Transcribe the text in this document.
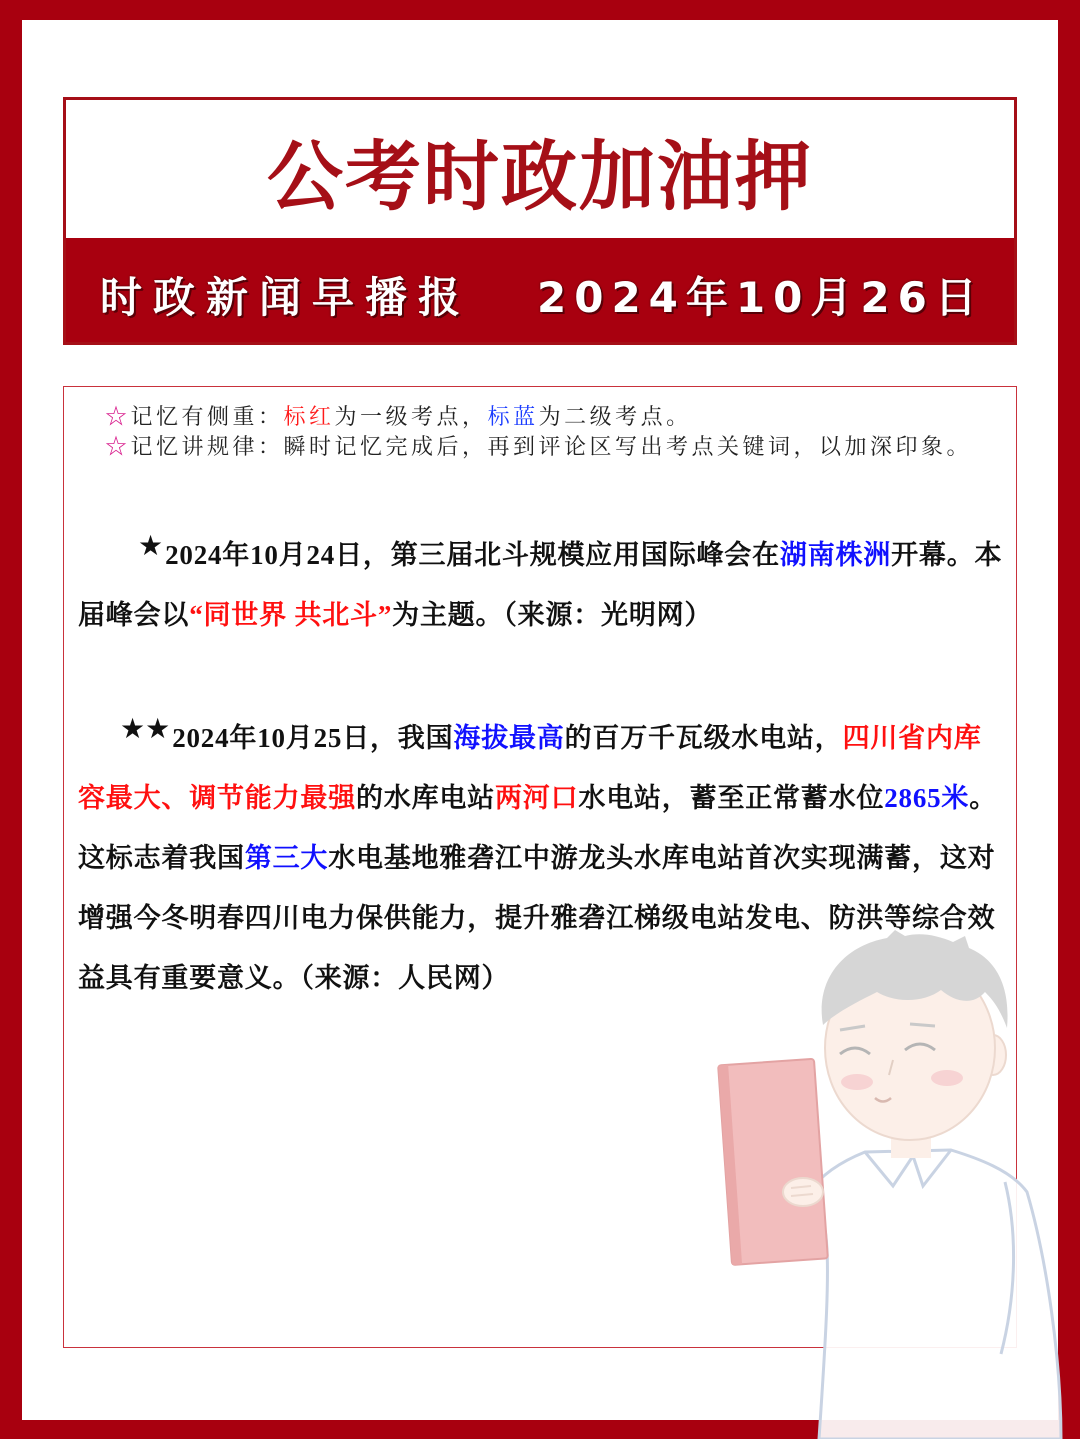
公考时政加油押
时政新闻早播报 2024年10月26日
☆记忆有侧重：标红为一级考点，标蓝为二级考点。
☆记忆讲规律：瞬时记忆完成后，再到评论区写出考点关键词，以加深印象。
★2024年10月24日，第三届北斗规模应用国际峰会在湖南株洲开幕。本
届峰会以“同世界 共北斗”为主题。（来源：光明网）
★★2024年10月25日，我国海拔最高的百万千瓦级水电站，四川省内库
容最大、调节能力最强的水库电站两河口水电站，蓄至正常蓄水位2865米。
这标志着我国第三大水电基地雅砻江中游龙头水库电站首次实现满蓄，这对
增强今冬明春四川电力保供能力，提升雅砻江梯级电站发电、防洪等综合效
益具有重要意义。（来源：人民网）
